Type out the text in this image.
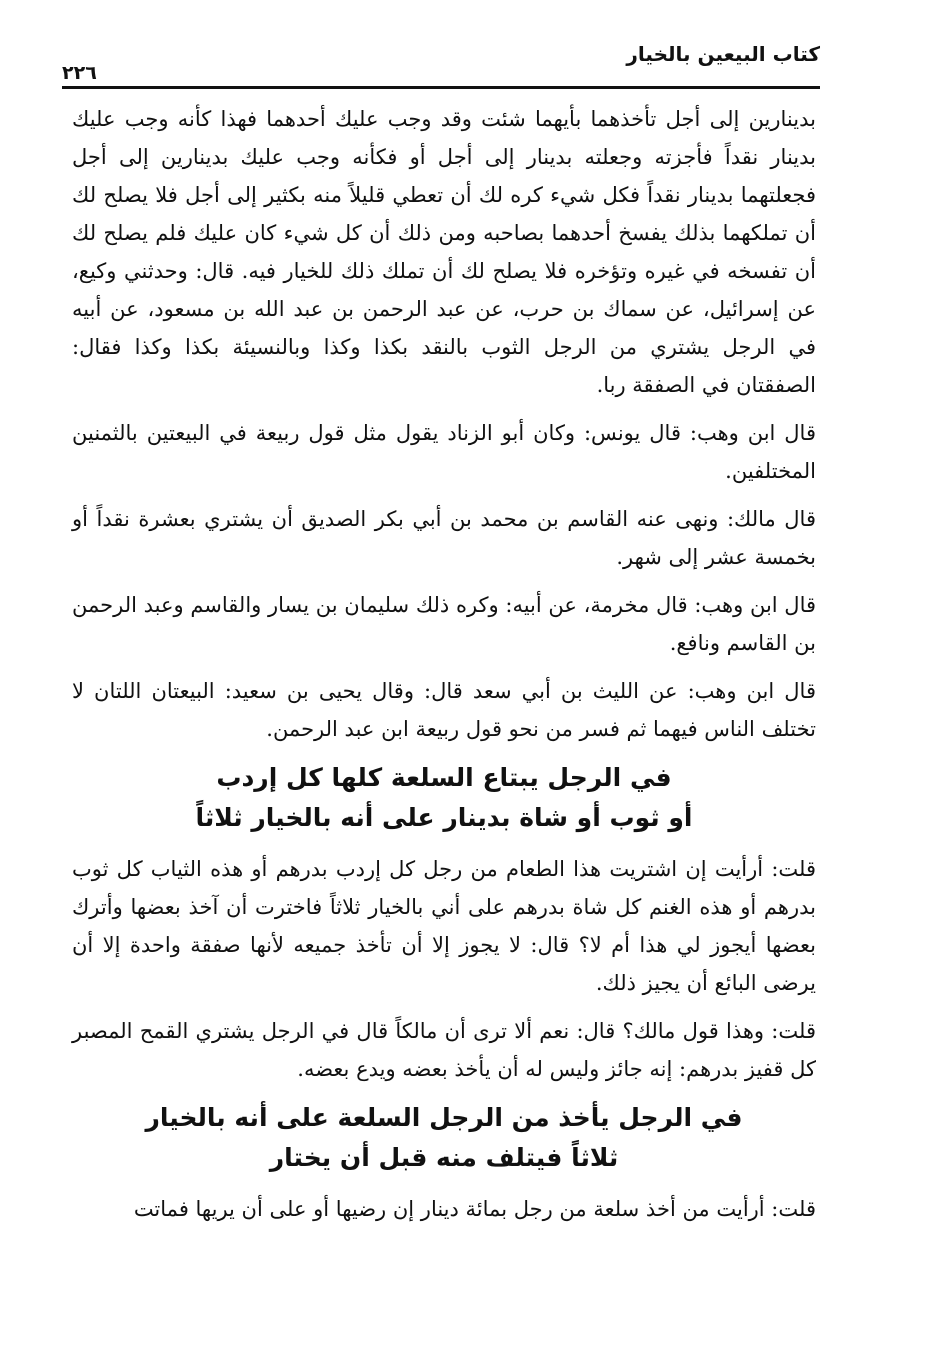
كتاب البيعين بالخيار
٢٢٦

بدينارين إلى أجل تأخذهما بأيهما شئت وقد وجب عليك أحدهما فهذا كأنه وجب عليك بدينار نقداً فأجزته وجعلته بدينار إلى أجل أو فكأنه وجب عليك بدينارين إلى أجل فجعلتهما بدينار نقداً فكل شيء كره لك أن تعطي قليلاً منه بكثير إلى أجل فلا يصلح لك أن تملكهما بذلك يفسخ أحدهما بصاحبه ومن ذلك أن كل شيء كان عليك فلم يصلح لك أن تفسخه في غيره وتؤخره فلا يصلح لك أن تملك ذلك للخيار فيه. قال: وحدثني وكيع، عن إسرائيل، عن سماك بن حرب، عن عبد الرحمن بن عبد الله بن مسعود، عن أبيه في الرجل يشتري من الرجل الثوب بالنقد بكذا وكذا وبالنسيئة بكذا وكذا فقال: الصفقتان في الصفقة ربا.

قال ابن وهب: قال يونس: وكان أبو الزناد يقول مثل قول ربيعة في البيعتين بالثمنين المختلفين.

قال مالك: ونهى عنه القاسم بن محمد بن أبي بكر الصديق أن يشتري بعشرة نقداً أو بخمسة عشر إلى شهر.

قال ابن وهب: قال مخرمة، عن أبيه: وكره ذلك سليمان بن يسار والقاسم وعبد الرحمن بن القاسم ونافع.

قال ابن وهب: عن الليث بن أبي سعد قال: وقال يحيى بن سعيد: البيعتان اللتان لا تختلف الناس فيهما ثم فسر من نحو قول ربيعة ابن عبد الرحمن.

في الرجل يبتاع السلعة كلها كل إردب
أو ثوب أو شاة بدينار على أنه بالخيار ثلاثاً

قلت: أرأيت إن اشتريت هذا الطعام من رجل كل إردب بدرهم أو هذه الثياب كل ثوب بدرهم أو هذه الغنم كل شاة بدرهم على أني بالخيار ثلاثاً فاخترت أن آخذ بعضها وأترك بعضها أيجوز لي هذا أم لا؟ قال: لا يجوز إلا أن تأخذ جميعه لأنها صفقة واحدة إلا أن يرضى البائع أن يجيز ذلك.

قلت: وهذا قول مالك؟ قال: نعم ألا ترى أن مالكاً قال في الرجل يشتري القمح المصبر كل قفيز بدرهم: إنه جائز وليس له أن يأخذ بعضه ويدع بعضه.

في الرجل يأخذ من الرجل السلعة على أنه بالخيار
ثلاثاً فيتلف منه قبل أن يختار

قلت: أرأيت من أخذ سلعة من رجل بمائة دينار إن رضيها أو على أن يريها فماتت
